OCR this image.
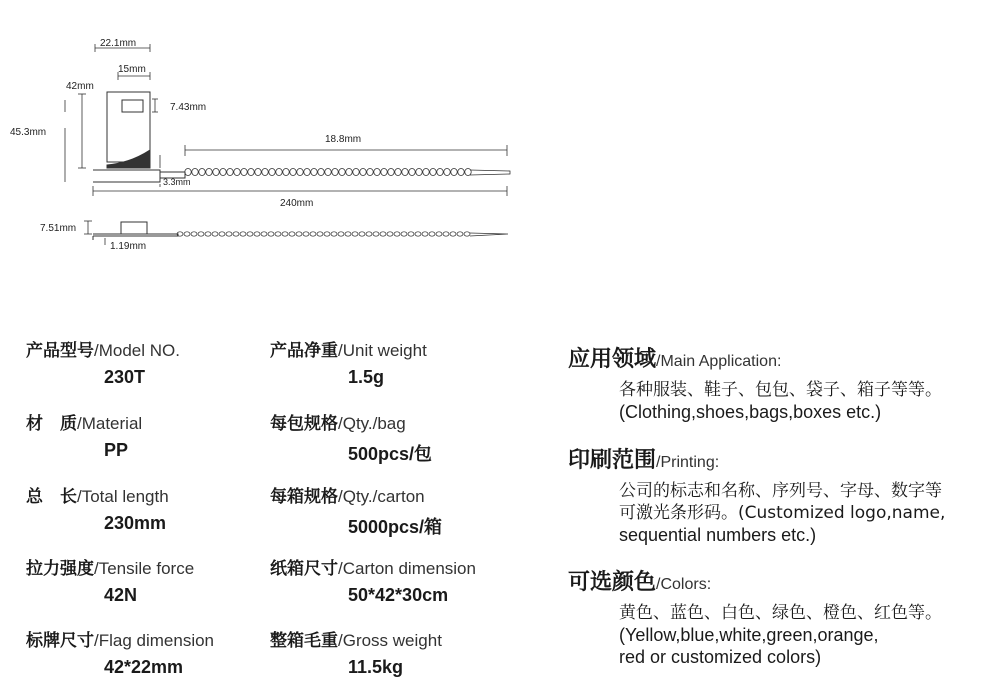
22.1mm
15mm
42mm
45.3mm
7.43mm
18.8mm
3.3mm
240mm
7.51mm
1.19mm
产品型号/Model NO.
230T
材　质/Material
PP
总　长/Total length
230mm
拉力强度/Tensile force
42N
标牌尺寸/Flag dimension
42*22mm
产品净重/Unit weight
1.5g
每包规格/Qty./bag
500pcs/包
每箱规格/Qty./carton
5000pcs/箱
纸箱尺寸/Carton dimension
50*42*30cm
整箱毛重/Gross weight
11.5kg
应用领域/Main Application:
各种服装、鞋子、包包、袋子、箱子等等。
(Clothing,shoes,bags,boxes etc.)
印刷范围/Printing:
公司的标志和名称、序列号、字母、数字等
可激光条形码。(Customized logo,name,
sequential numbers etc.)
可选颜色/Colors:
黄色、蓝色、白色、绿色、橙色、红色等。
(Yellow,blue,white,green,orange,
red or customized colors)
